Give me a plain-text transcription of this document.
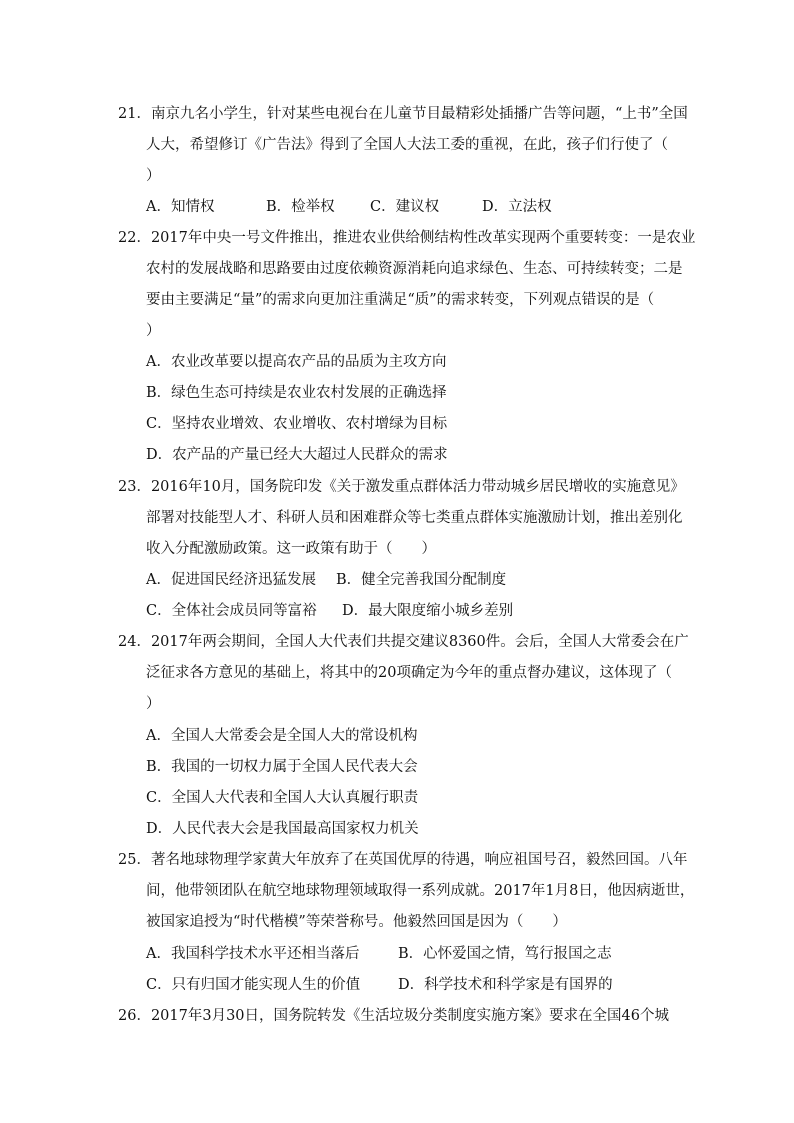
21．南京九名小学生，针对某些电视台在儿童节目最精彩处插播广告等问题，“上书”全国
人大，希望修订《广告法》得到了全国人大法工委的重视，在此，孩子们行使了（
）
A．知情权	B．检举权 C．建议权	D．立法权
22．2017年中央一号文件推出，推进农业供给侧结构性改革实现两个重要转变：一是农业
农村的发展战略和思路要由过度依赖资源消耗向追求绿色、生态、可持续转变；二是
要由主要满足“量”的需求向更加注重满足“质”的需求转变，下列观点错误的是（
）
A．农业改革要以提高农产品的品质为主攻方向
B．绿色生态可持续是农业农村发展的正确选择
C．坚持农业增效、农业增收、农村增绿为目标
D．农产品的产量已经大大超过人民群众的需求
23．2016年10月，国务院印发《关于激发重点群体活力带动城乡居民增收的实施意见》
部署对技能型人才、科研人员和困难群众等七类重点群体实施激励计划，推出差别化
收入分配激励政策。这一政策有助于（　　）
A．促进国民经济迅猛发展 B．健全完善我国分配制度
C．全体社会成员同等富裕 D．最大限度缩小城乡差别
24．2017年两会期间，全国人大代表们共提交建议8360件。会后，全国人大常委会在广
泛征求各方意见的基础上，将其中的20项确定为今年的重点督办建议，这体现了（
）
A．全国人大常委会是全国人大的常设机构
B．我国的一切权力属于全国人民代表大会
C．全国人大代表和全国人大认真履行职责
D．人民代表大会是我国最高国家权力机关
25．著名地球物理学家黄大年放弃了在英国优厚的待遇，响应祖国号召，毅然回国。八年
间，他带领团队在航空地球物理领域取得一系列成就。2017年1月8日，他因病逝世，
被国家追授为“时代楷模”等荣誉称号。他毅然回国是因为（　　）
A．我国科学技术水平还相当落后	B．心怀爱国之情，笃行报国之志
C．只有归国才能实现人生的价值	D．科学技术和科学家是有国界的
26．2017年3月30日，国务院转发《生活垃圾分类制度实施方案》要求在全国46个城
